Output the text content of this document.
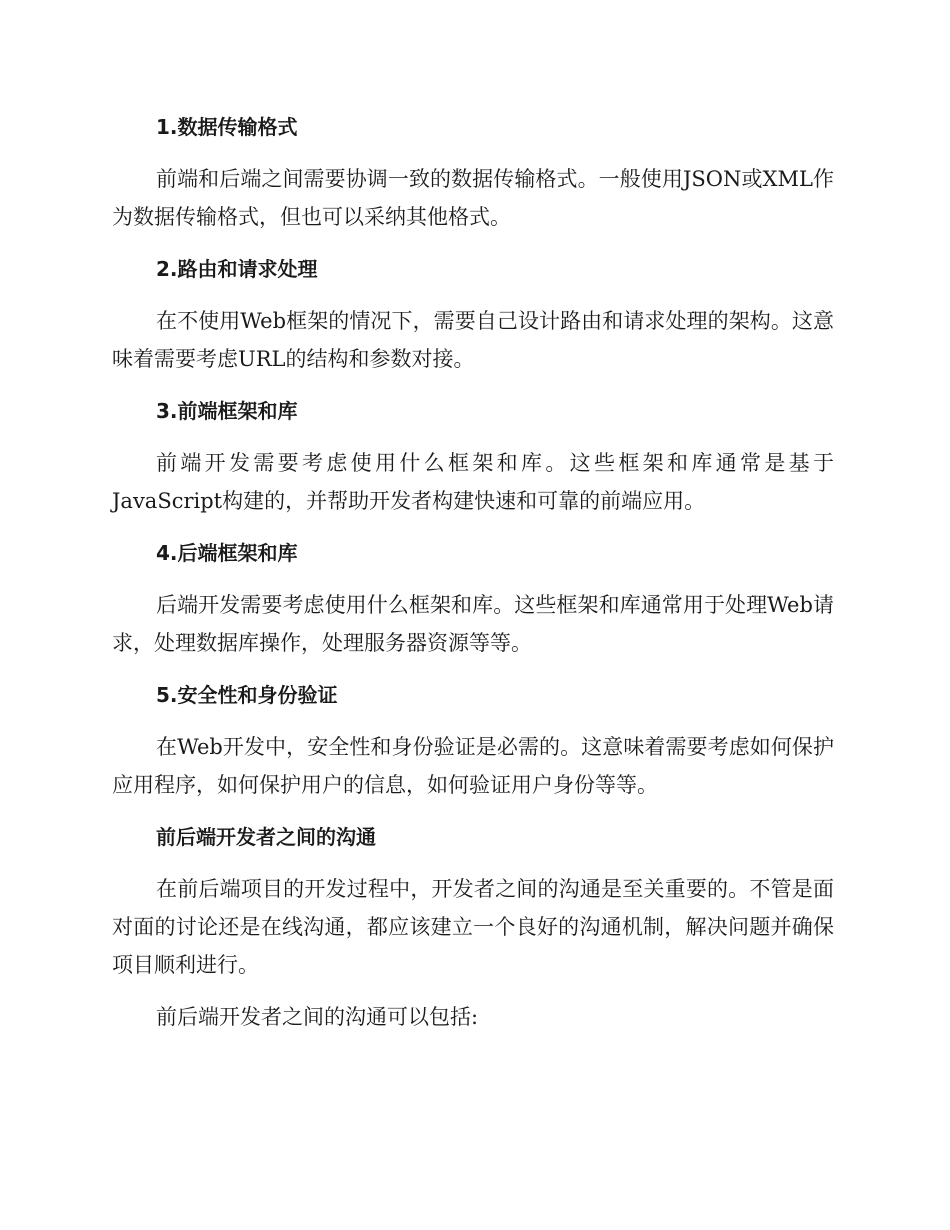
1.数据传输格式

前端和后端之间需要协调一致的数据传输格式。一般使用JSON或XML作为数据传输格式，但也可以采纳其他格式。

2.路由和请求处理

在不使用Web框架的情况下，需要自己设计路由和请求处理的架构。这意味着需要考虑URL的结构和参数对接。

3.前端框架和库

前端开发需要考虑使用什么框架和库。这些框架和库通常是基于JavaScript构建的，并帮助开发者构建快速和可靠的前端应用。

4.后端框架和库

后端开发需要考虑使用什么框架和库。这些框架和库通常用于处理Web请求，处理数据库操作，处理服务器资源等等。

5.安全性和身份验证

在Web开发中，安全性和身份验证是必需的。这意味着需要考虑如何保护应用程序，如何保护用户的信息，如何验证用户身份等等。

前后端开发者之间的沟通

在前后端项目的开发过程中，开发者之间的沟通是至关重要的。不管是面对面的讨论还是在线沟通，都应该建立一个良好的沟通机制，解决问题并确保项目顺利进行。

前后端开发者之间的沟通可以包括:
